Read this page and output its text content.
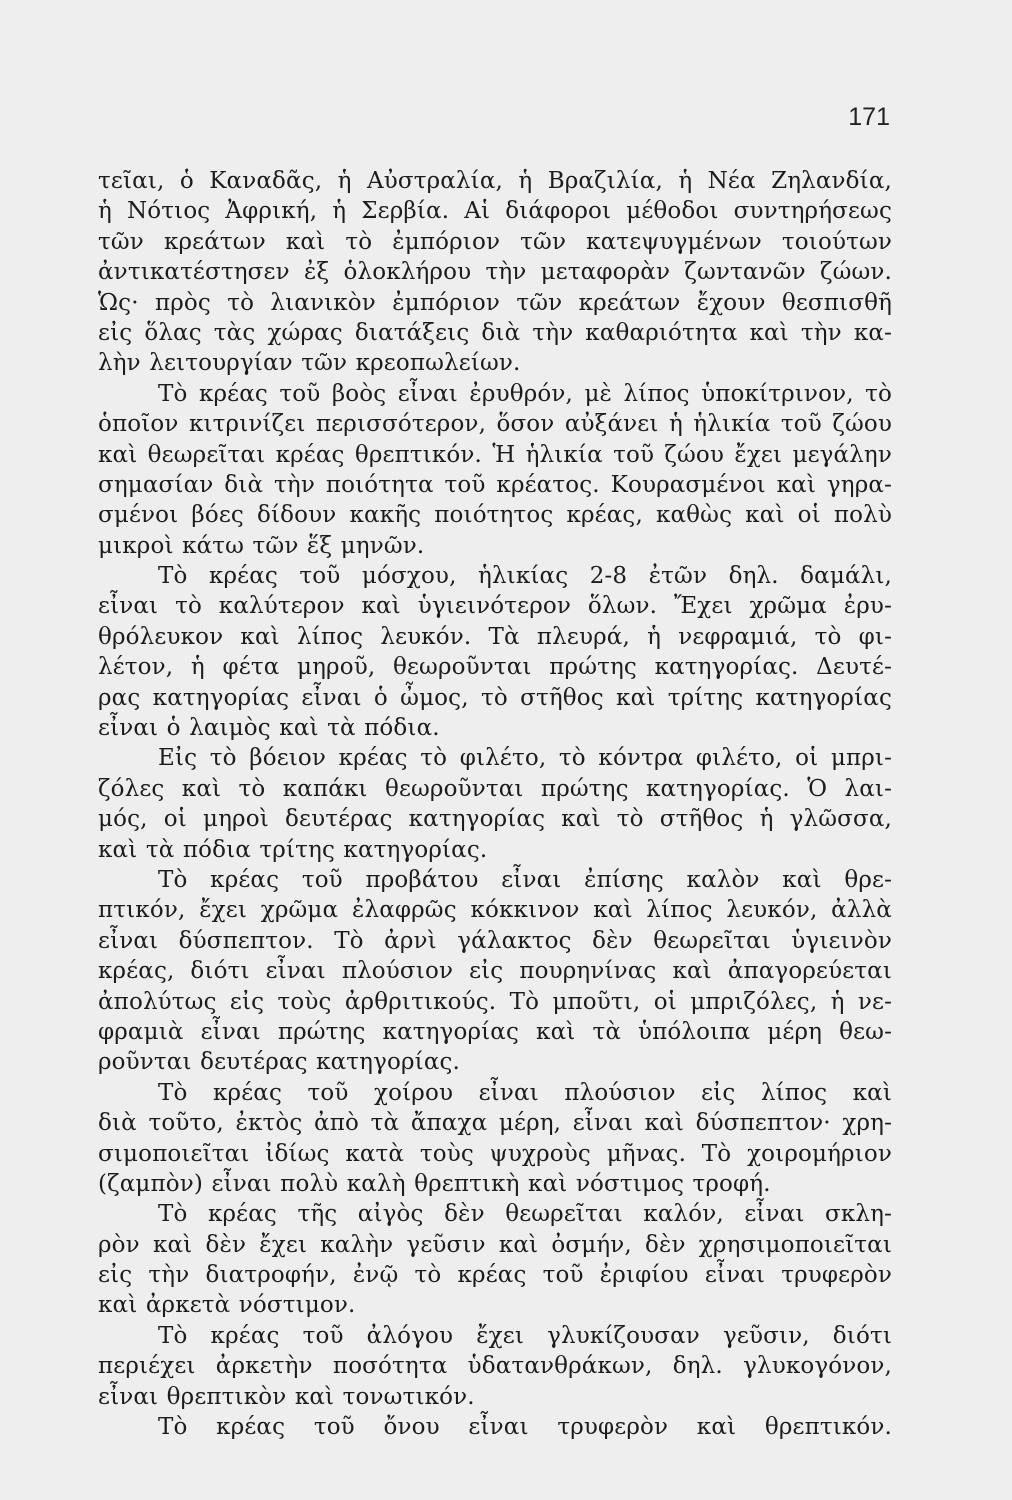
171
τεῖαι, ὁ Καναδᾶς, ἡ Αὐστραλία, ἡ Βραζιλία, ἡ Νέα Ζηλανδία,
ἡ Νότιος Ἀφρική, ἡ Σερβία. Αἱ διάφοροι μέθοδοι συντηρήσεως
τῶν κρεάτων καὶ τὸ ἐμπόριον τῶν κατεψυγμένων τοιούτων
ἀντικατέστησεν ἐξ ὁλοκλήρου τὴν μεταφορὰν ζωντανῶν ζώων.
Ὡς· πρὸς τὸ λιανικὸν ἐμπόριον τῶν κρεάτων ἔχουν θεσπισθῆ
εἰς ὅλας τὰς χώρας διατάξεις διὰ τὴν καθαριότητα καὶ τὴν κα-
λὴν λειτουργίαν τῶν κρεοπωλείων.
Τὸ κρέας τοῦ βοὸς εἶναι ἐρυθρόν, μὲ λίπος ὑποκίτρινον, τὸ
ὁποῖον κιτρινίζει περισσότερον, ὅσον αὐξάνει ἡ ἡλικία τοῦ ζώου
καὶ θεωρεῖται κρέας θρεπτικόν. Ἡ ἡλικία τοῦ ζώου ἔχει μεγάλην
σημασίαν διὰ τὴν ποιότητα τοῦ κρέατος. Κουρασμένοι καὶ γηρα-
σμένοι βόες δίδουν κακῆς ποιότητος κρέας, καθὼς καὶ οἱ πολὺ
μικροὶ κάτω τῶν ἕξ μηνῶν.
Τὸ κρέας τοῦ μόσχου, ἡλικίας 2-8 ἐτῶν δηλ. δαμάλι,
εἶναι τὸ καλύτερον καὶ ὑγιεινότερον ὅλων. Ἔχει χρῶμα ἐρυ-
θρόλευκον καὶ λίπος λευκόν. Τὰ πλευρά, ἡ νεφραμιά, τὸ φι-
λέτον, ἡ φέτα μηροῦ, θεωροῦνται πρώτης κατηγορίας. Δευτέ-
ρας κατηγορίας εἶναι ὁ ὦμος, τὸ στῆθος καὶ τρίτης κατηγορίας
εἶναι ὁ λαιμὸς καὶ τὰ πόδια.
Εἰς τὸ βόειον κρέας τὸ φιλέτο, τὸ κόντρα φιλέτο, οἱ μπρι-
ζόλες καὶ τὸ καπάκι θεωροῦνται πρώτης κατηγορίας. Ὁ λαι-
μός, οἱ μηροὶ δευτέρας κατηγορίας καὶ τὸ στῆθος ἡ γλῶσσα,
καὶ τὰ πόδια τρίτης κατηγορίας.
Τὸ κρέας τοῦ προβάτου εἶναι ἐπίσης καλὸν καὶ θρε-
πτικόν, ἔχει χρῶμα ἐλαφρῶς κόκκινον καὶ λίπος λευκόν, ἀλλὰ
εἶναι δύσπεπτον. Τὸ ἀρνὶ γάλακτος δὲν θεωρεῖται ὑγιεινὸν
κρέας, διότι εἶναι πλούσιον εἰς πουρηνίνας καὶ ἀπαγορεύεται
ἀπολύτως εἰς τοὺς ἀρθριτικούς. Τὸ μποῦτι, οἱ μπριζόλες, ἡ νε-
φραμιὰ εἶναι πρώτης κατηγορίας καὶ τὰ ὑπόλοιπα μέρη θεω-
ροῦνται δευτέρας κατηγορίας.
Τὸ κρέας τοῦ χοίρου εἶναι πλούσιον εἰς λίπος καὶ
διὰ τοῦτο, ἐκτὸς ἀπὸ τὰ ἄπαχα μέρη, εἶναι καὶ δύσπεπτον· χρη-
σιμοποιεῖται ἰδίως κατὰ τοὺς ψυχροὺς μῆνας. Τὸ χοιρομήριον
(ζαμπὸν) εἶναι πολὺ καλὴ θρεπτικὴ καὶ νόστιμος τροφή.
Τὸ κρέας τῆς αἰγὸς δὲν θεωρεῖται καλόν, εἶναι σκλη-
ρὸν καὶ δὲν ἔχει καλὴν γεῦσιν καὶ ὀσμήν, δὲν χρησιμοποιεῖται
εἰς τὴν διατροφήν, ἐνῷ τὸ κρέας τοῦ ἐριφίου εἶναι τρυφερὸν
καὶ ἀρκετὰ νόστιμον.
Τὸ κρέας τοῦ ἀλόγου ἔχει γλυκίζουσαν γεῦσιν, διότι
περιέχει ἀρκετὴν ποσότητα ὑδατανθράκων, δηλ. γλυκογόνον,
εἶναι θρεπτικὸν καὶ τονωτικόν.
Τὸ κρέας τοῦ ὄνου εἶναι τρυφερὸν καὶ θρεπτικόν.
